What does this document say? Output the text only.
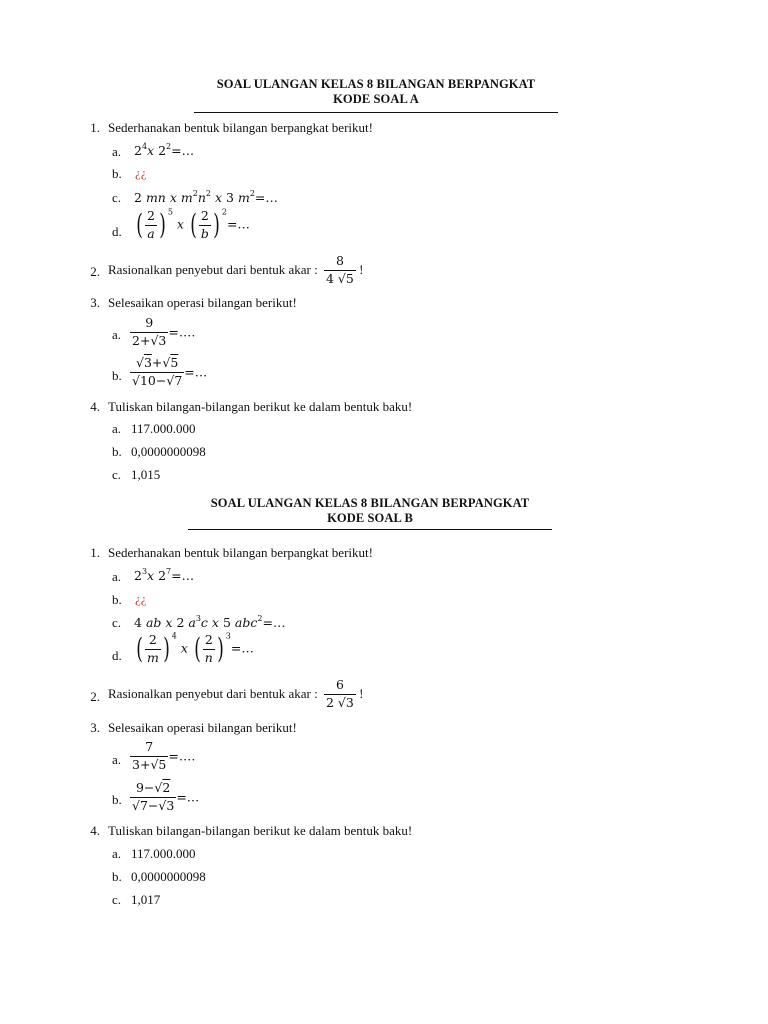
SOAL ULANGAN KELAS 8 BILANGAN BERPANGKAT
KODE SOAL A
1. Sederhanakan bentuk bilangan berpangkat berikut!
a. $2^4x$ $2^2=\dots$
b. ¿¿
c. 2 mn x $m^2n^2$ x 3 $m^2=\dots$
d. ( $\frac{2}{a}$ ) $^5$ x ( $\frac{2}{b}$ ) $^2$=…
2. Rasionalkan penyebut dari bentuk akar : $\frac{8}{4 √5}$ !
3. Selesaikan operasi bilangan berikut!
a. $\frac{9}{2+√3}$ =….
b. $\frac{√3+√5}{√10-√7}$ =…
4. Tuliskan bilangan-bilangan berikut ke dalam bentuk baku!
a. 117.000.000
b. 0,0000000098
c. 1,015
SOAL ULANGAN KELAS 8 BILANGAN BERPANGKAT
KODE SOAL B
1. Sederhanakan bentuk bilangan berpangkat berikut!
a. $2^3x$ $2^7=\dots$
b. ¿¿
c. 4 ab x 2 $a^3c$ x 5 abc$^2$=…
d. ( $\frac{2}{m}$ ) $^4$ x ( $\frac{2}{n}$ ) $^3$=…
2. Rasionalkan penyebut dari bentuk akar : $\frac{6}{2 √3}$ !
3. Selesaikan operasi bilangan berikut!
a. $\frac{7}{3+√5}$ =….
b. $\frac{9-√2}{√7-√3}$ =…
4. Tuliskan bilangan-bilangan berikut ke dalam bentuk baku!
a. 117.000.000
b. 0,0000000098
c. 1,017
